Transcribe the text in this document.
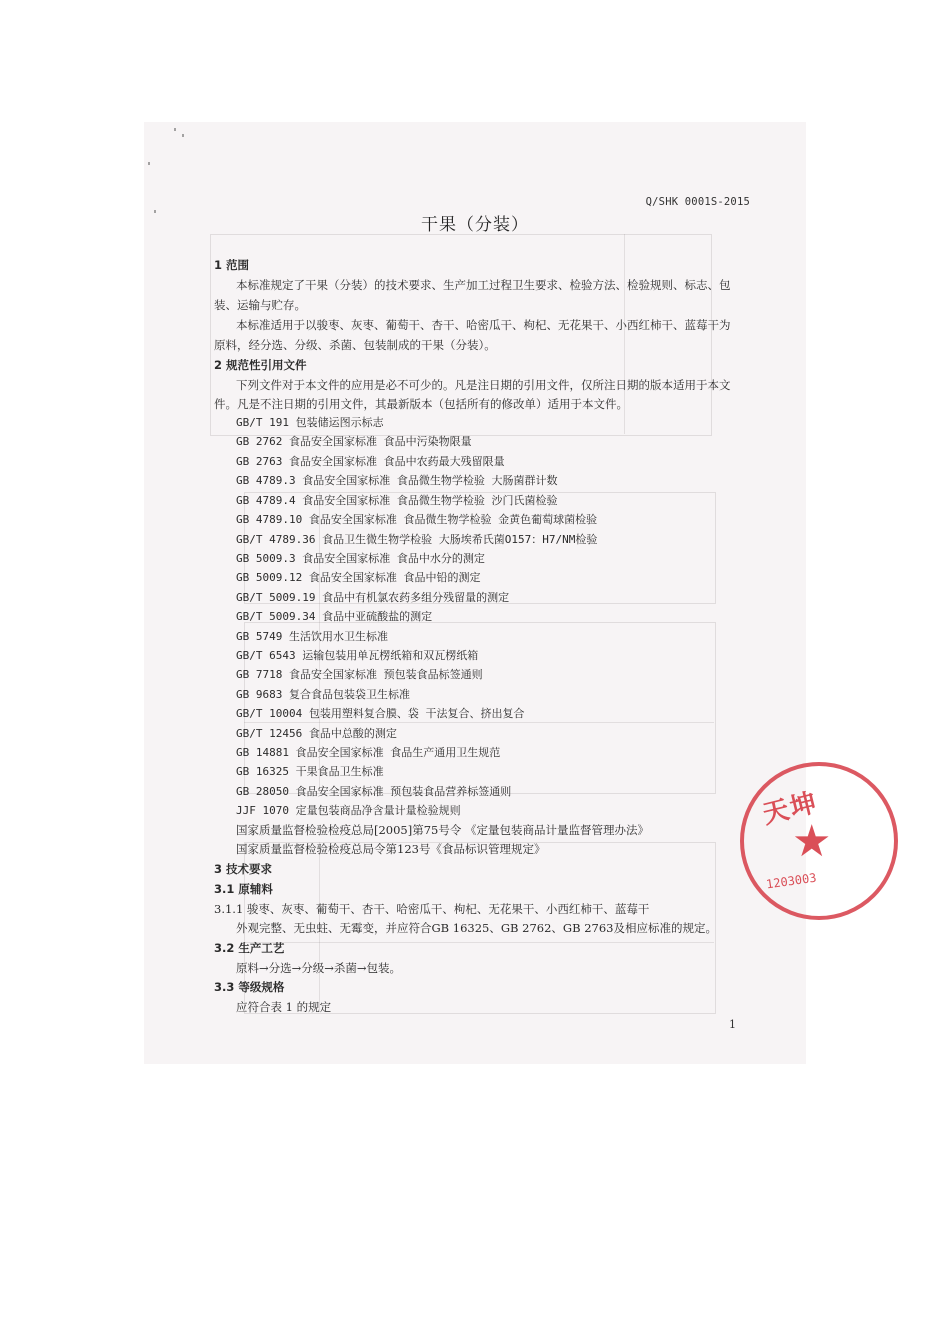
Q/SHK 0001S-2015
干果（分装）
1 范围
本标准规定了干果（分装）的技术要求、生产加工过程卫生要求、检验方法、检验规则、标志、包
装、运输与贮存。
本标准适用于以骏枣、灰枣、葡萄干、杏干、哈密瓜干、枸杞、无花果干、小西红柿干、蓝莓干为
原料，经分选、分级、杀菌、包装制成的干果（分装）。
2 规范性引用文件
下列文件对于本文件的应用是必不可少的。凡是注日期的引用文件，仅所注日期的版本适用于本文
件。凡是不注日期的引用文件，其最新版本（包括所有的修改单）适用于本文件。
GB/T 191 包装储运图示标志
GB 2762 食品安全国家标准 食品中污染物限量
GB 2763 食品安全国家标准 食品中农药最大残留限量
GB 4789.3 食品安全国家标准 食品微生物学检验 大肠菌群计数
GB 4789.4 食品安全国家标准 食品微生物学检验 沙门氏菌检验
GB 4789.10 食品安全国家标准 食品微生物学检验 金黄色葡萄球菌检验
GB/T 4789.36 食品卫生微生物学检验 大肠埃希氏菌O157：H7/NM检验
GB 5009.3 食品安全国家标准 食品中水分的测定
GB 5009.12 食品安全国家标准 食品中铅的测定
GB/T 5009.19 食品中有机氯农药多组分残留量的测定
GB/T 5009.34 食品中亚硫酸盐的测定
GB 5749 生活饮用水卫生标准
GB/T 6543 运输包装用单瓦楞纸箱和双瓦楞纸箱
GB 7718 食品安全国家标准 预包装食品标签通则
GB 9683 复合食品包装袋卫生标准
GB/T 10004 包装用塑料复合膜、袋 干法复合、挤出复合
GB/T 12456 食品中总酸的测定
GB 14881 食品安全国家标准 食品生产通用卫生规范
GB 16325 干果食品卫生标准
GB 28050 食品安全国家标准 预包装食品营养标签通则
JJF 1070 定量包装商品净含量计量检验规则
国家质量监督检验检疫总局[2005]第75号令 《定量包装商品计量监督管理办法》
国家质量监督检验检疫总局令第123号《食品标识管理规定》
3 技术要求
3.1 原辅料
3.1.1 骏枣、灰枣、葡萄干、杏干、哈密瓜干、枸杞、无花果干、小西红柿干、蓝莓干
外观完整、无虫蛀、无霉变，并应符合GB 16325、GB 2762、GB 2763及相应标准的规定。
3.2 生产工艺
原料→分选→分级→杀菌→包装。
3.3 等级规格
应符合表 1 的规定
1
天坤
★
1203003
